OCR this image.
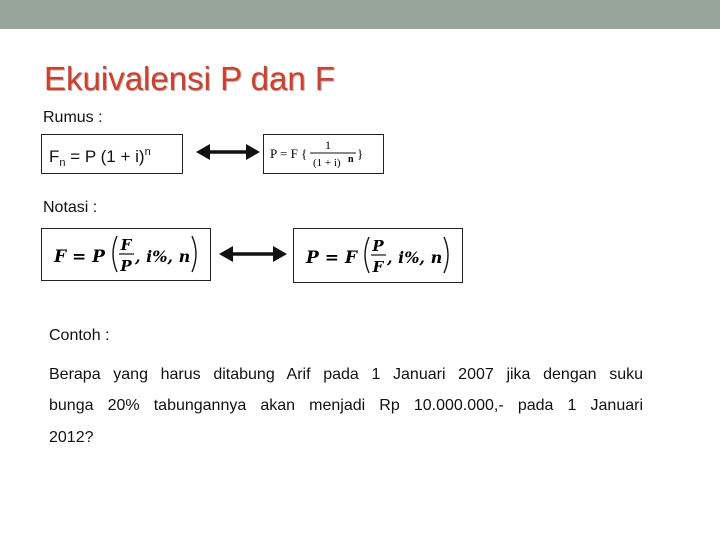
Ekuivalensi P dan F
Rumus :
$F_n = P$ $(1 + i)^n$	P = F {
1
(1 + i) n }
Notasi :
F = P
F
P , i%, n	P = F
P
F , i%, n
Contoh :
Berapa yang harus ditabung Arif pada 1 Januari 2007 jika dengan suku
bunga 20% tabungannya akan menjadi Rp 10.000.000,- pada 1 Januari
2012?
